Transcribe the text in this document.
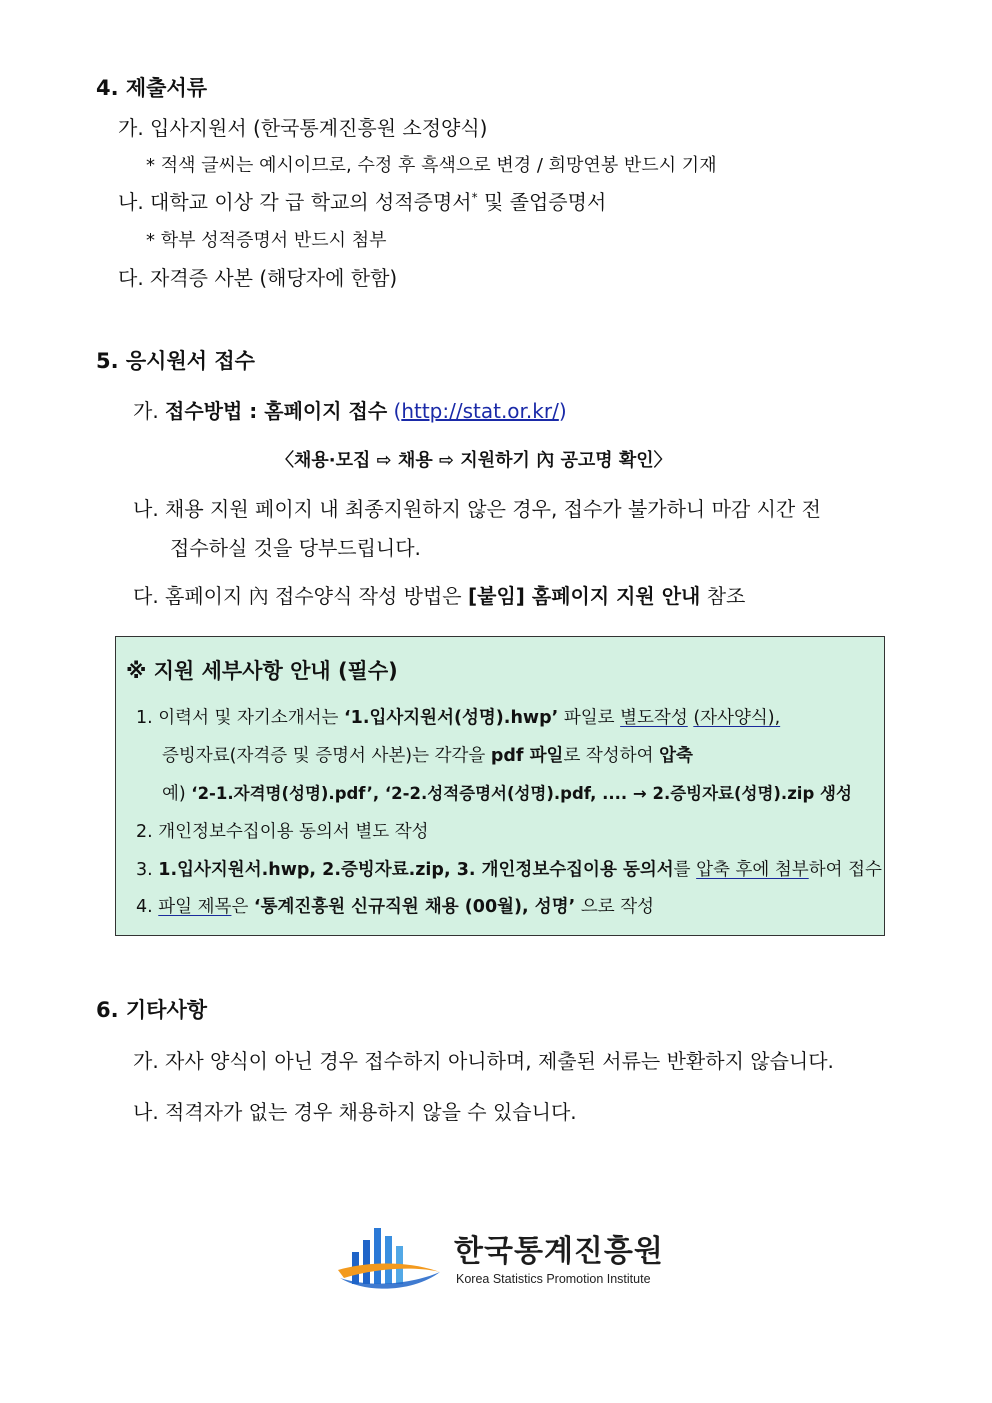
4. 제출서류
가. 입사지원서 (한국통계진흥원 소정양식)
* 적색 글씨는 예시이므로, 수정 후 흑색으로 변경 / 희망연봉 반드시 기재
나. 대학교 이상 각 급 학교의 성적증명서* 및 졸업증명서
* 학부 성적증명서 반드시 첨부
다. 자격증 사본 (해당자에 한함)
5. 응시원서 접수
가. 접수방법 : 홈페이지 접수 (http://stat.or.kr/)
〈채용·모집 ⇨ 채용 ⇨ 지원하기 內 공고명 확인〉
나. 채용 지원 페이지 내 최종지원하지 않은 경우, 접수가 불가하니 마감 시간 전
접수하실 것을 당부드립니다.
다. 홈페이지 內 접수양식 작성 방법은 [붙임] 홈페이지 지원 안내 참조
※ 지원 세부사항 안내 (필수)
1. 이력서 및 자기소개서는 ‘1.입사지원서(성명).hwp’ 파일로 별도작성 (자사양식),
증빙자료(자격증 및 증명서 사본)는 각각을 pdf 파일로 작성하여 압축
예) ‘2-1.자격명(성명).pdf’, ‘2-2.성적증명서(성명).pdf, .... → 2.증빙자료(성명).zip 생성
2. 개인정보수집이용 동의서 별도 작성
3. 1.입사지원서.hwp, 2.증빙자료.zip, 3. 개인정보수집이용 동의서를 압축 후에 첨부하여 접수
4. 파일 제목은 ‘통계진흥원 신규직원 채용 (00월), 성명’ 으로 작성
6. 기타사항
가. 자사 양식이 아닌 경우 접수하지 아니하며, 제출된 서류는 반환하지 않습니다.
나. 적격자가 없는 경우 채용하지 않을 수 있습니다.
한국통계진흥원
Korea Statistics Promotion Institute
